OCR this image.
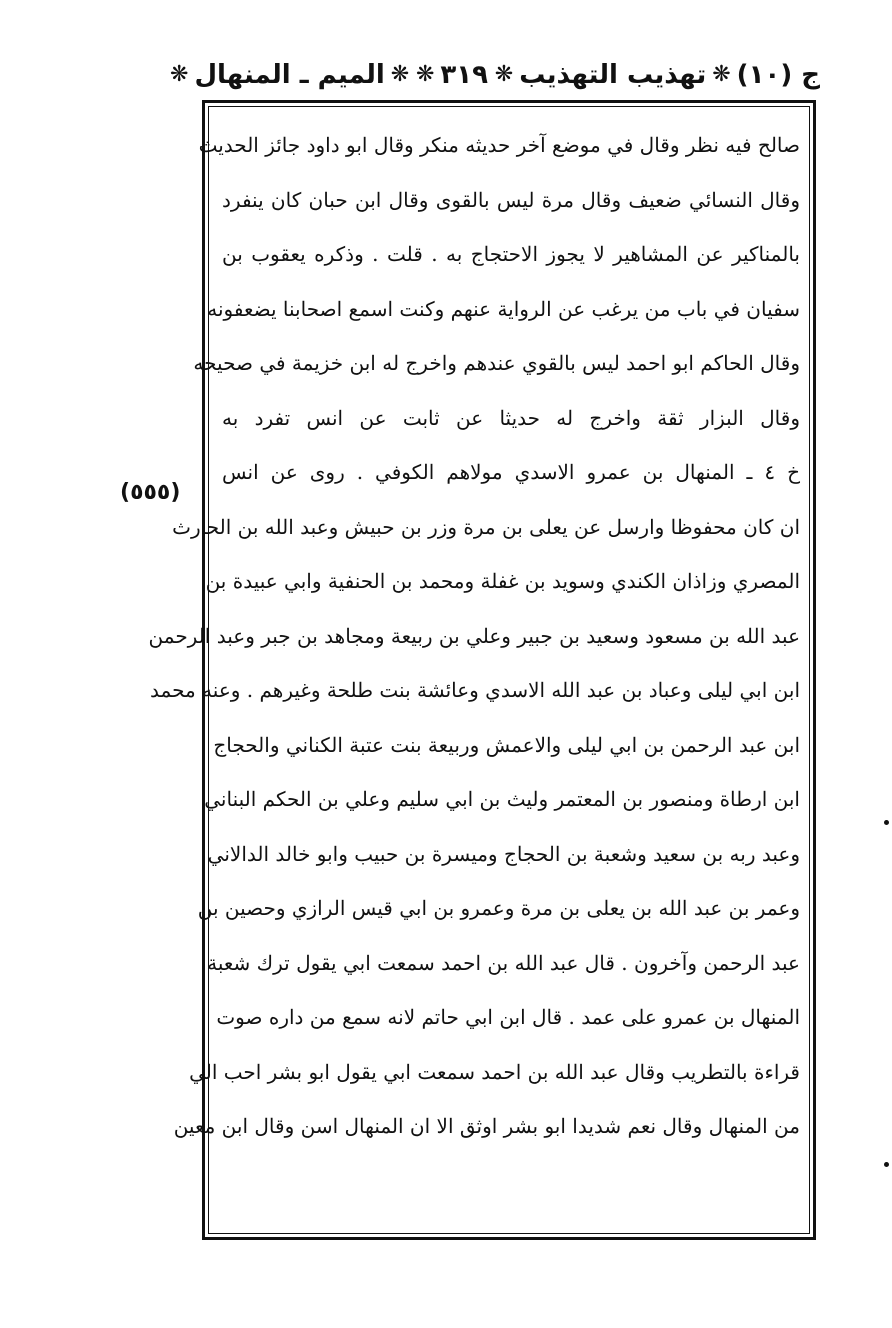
ج (١٠)
❋
تهذيب التهذيب
❋
٣١٩
❋
❋
الميم ـ المنهال
❋
(٥٥٥)
صالح فيه نظر وقال في موضع آخر حديثه منكر وقال ابو داود جائز الحديث
وقال النسائي ضعيف وقال مرة ليس بالقوى وقال ابن حبان كان ينفرد
بالمناكير عن المشاهير لا يجوز الاحتجاج به . قلت . وذكره يعقوب بن
سفيان في باب من يرغب عن الرواية عنهم وكنت اسمع اصحابنا يضعفونه
وقال الحاكم ابو احمد ليس بالقوي عندهم واخرج له ابن خزيمة في صحيحه
وقال البزار ثقة واخرج له حديثا عن ثابت عن انس تفرد به
خ ٤ ـ المنهال بن عمرو الاسدي مولاهم الكوفي . روى عن انس
ان كان محفوظا وارسل عن يعلى بن مرة وزر بن حبيش وعبد الله بن الحارث
المصري وزاذان الكندي وسويد بن غفلة ومحمد بن الحنفية وابي عبيدة بن
عبد الله بن مسعود وسعيد بن جبير وعلي بن ربيعة ومجاهد بن جبر وعبد الرحمن
ابن ابي ليلى وعباد بن عبد الله الاسدي وعائشة بنت طلحة وغيرهم . وعنه محمد
ابن عبد الرحمن بن ابي ليلى والاعمش وربيعة بنت عتبة الكناني والحجاج
ابن ارطاة ومنصور بن المعتمر وليث بن ابي سليم وعلي بن الحكم البناني
وعبد ربه بن سعيد وشعبة بن الحجاج وميسرة بن حبيب وابو خالد الدالاني
وعمر بن عبد الله بن يعلى بن مرة وعمرو بن ابي قيس الرازي وحصين بن
عبد الرحمن وآخرون . قال عبد الله بن احمد سمعت ابي يقول ترك شعبة
المنهال بن عمرو على عمد . قال ابن ابي حاتم لانه سمع من داره صوت
قراءة بالتطريب وقال عبد الله بن احمد سمعت ابي يقول ابو بشر احب الي
من المنهال وقال نعم شديدا ابو بشر اوثق الا ان المنهال اسن وقال ابن معين
